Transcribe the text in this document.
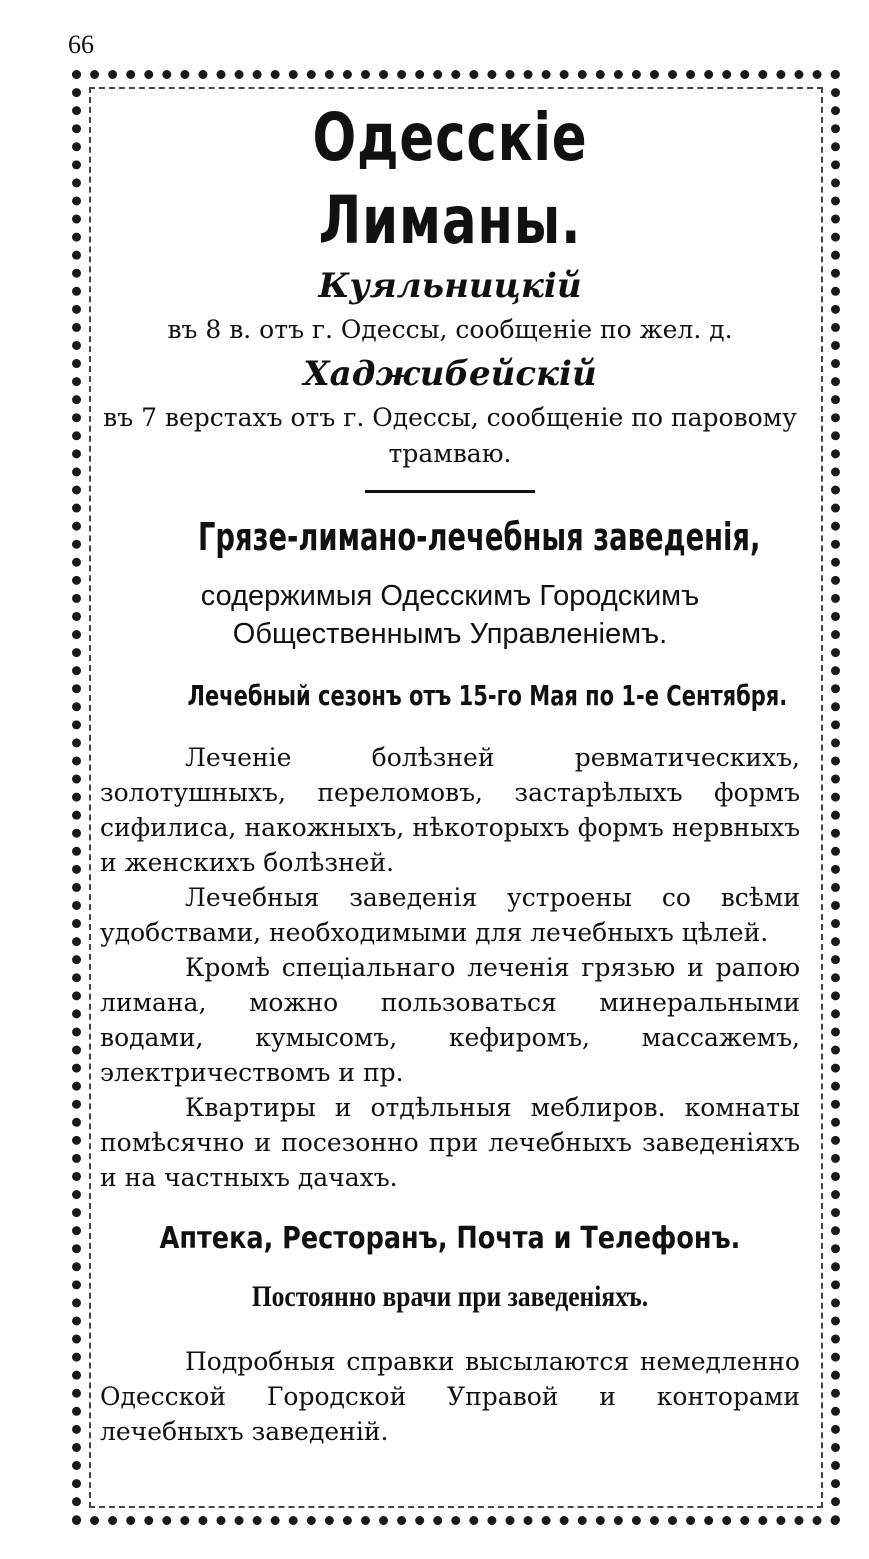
66
Одесскіе Лиманы.
Куяльницкій
въ 8 в. отъ г. Одессы, сообщеніе по жел. д.
Хаджибейскій
въ 7 верстахъ отъ г. Одессы, сообщеніе по паровому трамваю.
Грязе-лимано-лечебныя заведенія,
содержимыя Одесскимъ Городскимъ Общественнымъ Управленіемъ.
Лечебный сезонъ отъ 15-го Мая по 1-е Сентября.

Леченіе болѣзней ревматическихъ, золотушныхъ, переломовъ, застарѣлыхъ формъ сифилиса, накожныхъ, нѣкоторыхъ формъ нервныхъ и женскихъ болѣзней.

Лечебныя заведенія устроены со всѣми удобствами, необходимыми для лечебныхъ цѣлей.

Кромѣ спеціальнаго леченія грязью и рапою лимана, можно пользоваться минеральными водами, кумысомъ, кефиромъ, массажемъ, электричествомъ и пр.

Квартиры и отдѣльныя меблиров. комнаты помѣсячно и посезонно при лечебныхъ заведеніяхъ и на частныхъ дачахъ.

Аптека, Ресторанъ, Почта и Телефонъ.
Постоянно врачи при заведеніяхъ.

Подробныя справки высылаются немедленно Одесской Городской Управой и конторами лечебныхъ заведеній.
